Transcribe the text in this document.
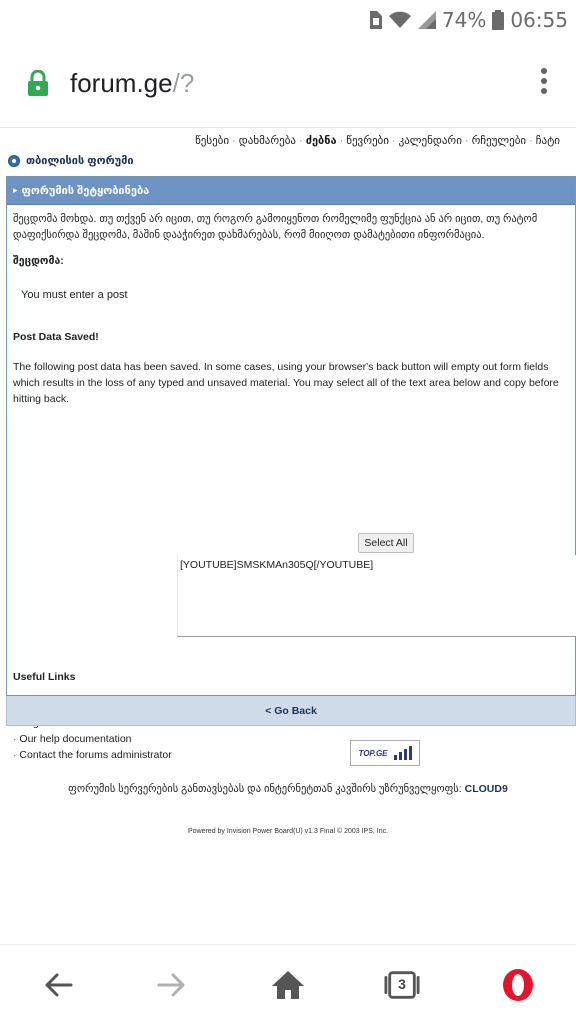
74% 06:55
forum.ge/?
წესები · დახმარება · ძებნა · წევრები · კალენდარი · რჩეულები · ჩატი
თბილისის ფორუმი
▸ ფორუმის შეტყობინება
შეცდომა მოხდა. თუ თქვენ არ იცით, თუ როგორ გამოიყენოთ რომელიმე ფუნქცია ან არ იცით, თუ რატომ დაფიქსირდა შეცდომა, მაშინ დააჭირეთ დახმარებას, რომ მიიღოთ დამატებითი ინფორმაცია.
შეცდომა:
You must enter a post
Post Data Saved!
The following post data has been saved. In some cases, using your browser's back button will empty out form fields which results in the loss of any typed and unsaved material. You may select all of the text area below and copy before hitting back.
Select All
[YOUTUBE]SMSKMAn305Q[/YOUTUBE]
Useful Links
·
·
· Our help documentation
· Contact the forums administrator
< Go Back
TOP.GE
ფორუმის სერვერების განთავსებას და ინტერნეტთან კავშირს უზრუნველყოფს: CLOUD9
Powered by Invision Power Board(U) v1.3 Final © 2003 IPS, Inc.
3
